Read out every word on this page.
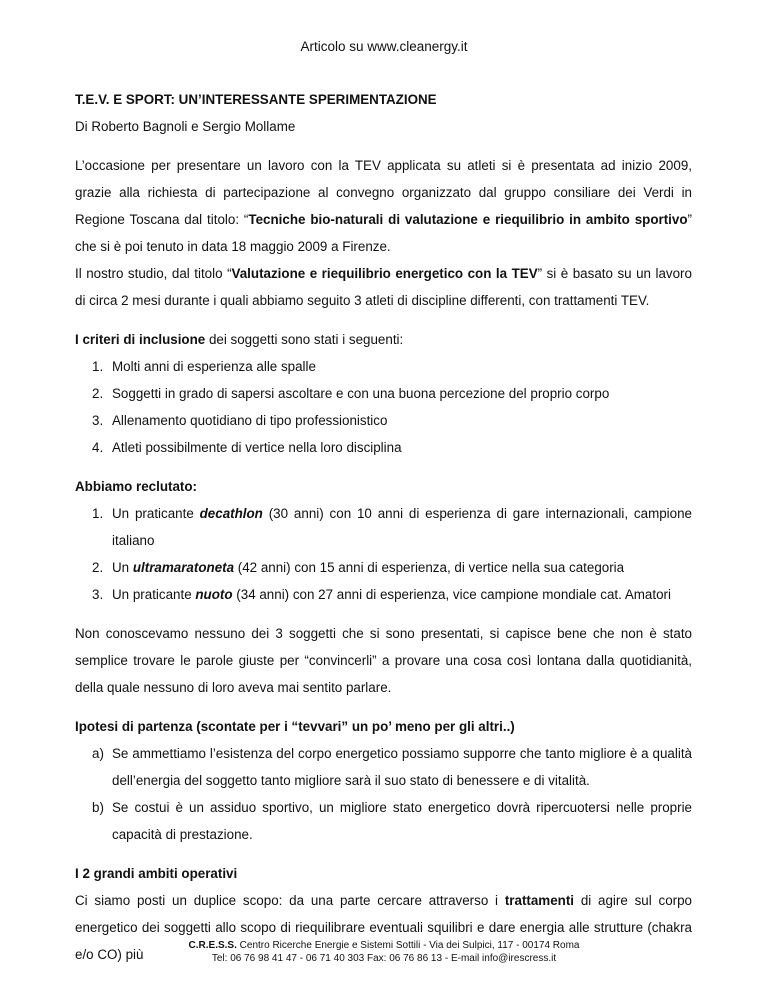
Articolo su www.cleanergy.it

T.E.V. E SPORT: UN’INTERESSANTE SPERIMENTAZIONE

Di Roberto Bagnoli e Sergio Mollame

L’occasione per presentare un lavoro con la TEV applicata su atleti si è presentata ad inizio 2009, grazie alla richiesta di partecipazione al convegno organizzato dal gruppo consiliare dei Verdi in Regione Toscana dal titolo: “Tecniche bio-naturali di valutazione e riequilibrio in ambito sportivo” che si è poi tenuto in data 18 maggio 2009 a Firenze.

Il nostro studio, dal titolo “Valutazione e riequilibrio energetico con la TEV” si è basato su un lavoro di circa 2 mesi durante i quali abbiamo seguito 3 atleti di discipline differenti, con trattamenti TEV.

I criteri di inclusione dei soggetti sono stati i seguenti:

1. Molti anni di esperienza alle spalle
2. Soggetti in grado di sapersi ascoltare e con una buona percezione del proprio corpo
3. Allenamento quotidiano di tipo professionistico
4. Atleti possibilmente di vertice nella loro disciplina

Abbiamo reclutato:

1. Un praticante decathlon (30 anni) con 10 anni di esperienza di gare internazionali, campione italiano
2. Un ultramaratoneta (42 anni) con 15 anni di esperienza, di vertice nella sua categoria
3. Un praticante nuoto (34 anni) con 27 anni di esperienza, vice campione mondiale cat. Amatori

Non conoscevamo nessuno dei 3 soggetti che si sono presentati, si capisce bene che non è stato semplice trovare le parole giuste per “convincerli” a provare una cosa così lontana dalla quotidianità, della quale nessuno di loro aveva mai sentito parlare.

Ipotesi di partenza (scontate per i “tevvari” un po’ meno per gli altri..)

a) Se ammettiamo l’esistenza del corpo energetico possiamo supporre che tanto migliore è a qualità dell’energia del soggetto tanto migliore sarà il suo stato di benessere e di vitalità.
b) Se costui è un assiduo sportivo, un migliore stato energetico dovrà ripercuotersi nelle proprie capacità di prestazione.

I 2 grandi ambiti operativi

Ci siamo posti un duplice scopo: da una parte cercare attraverso i trattamenti di agire sul corpo energetico dei soggetti allo scopo di riequilibrare eventuali squilibri e dare energia alle strutture (chakra e/o CO) più

C.R.E.S.S. Centro Ricerche Energie e Sistemi Sottili - Via dei Sulpici, 117 - 00174 Roma
Tel: 06 76 98 41 47 - 06 71 40 303 Fax: 06 76 86 13 - E-mail info@irescress.it
